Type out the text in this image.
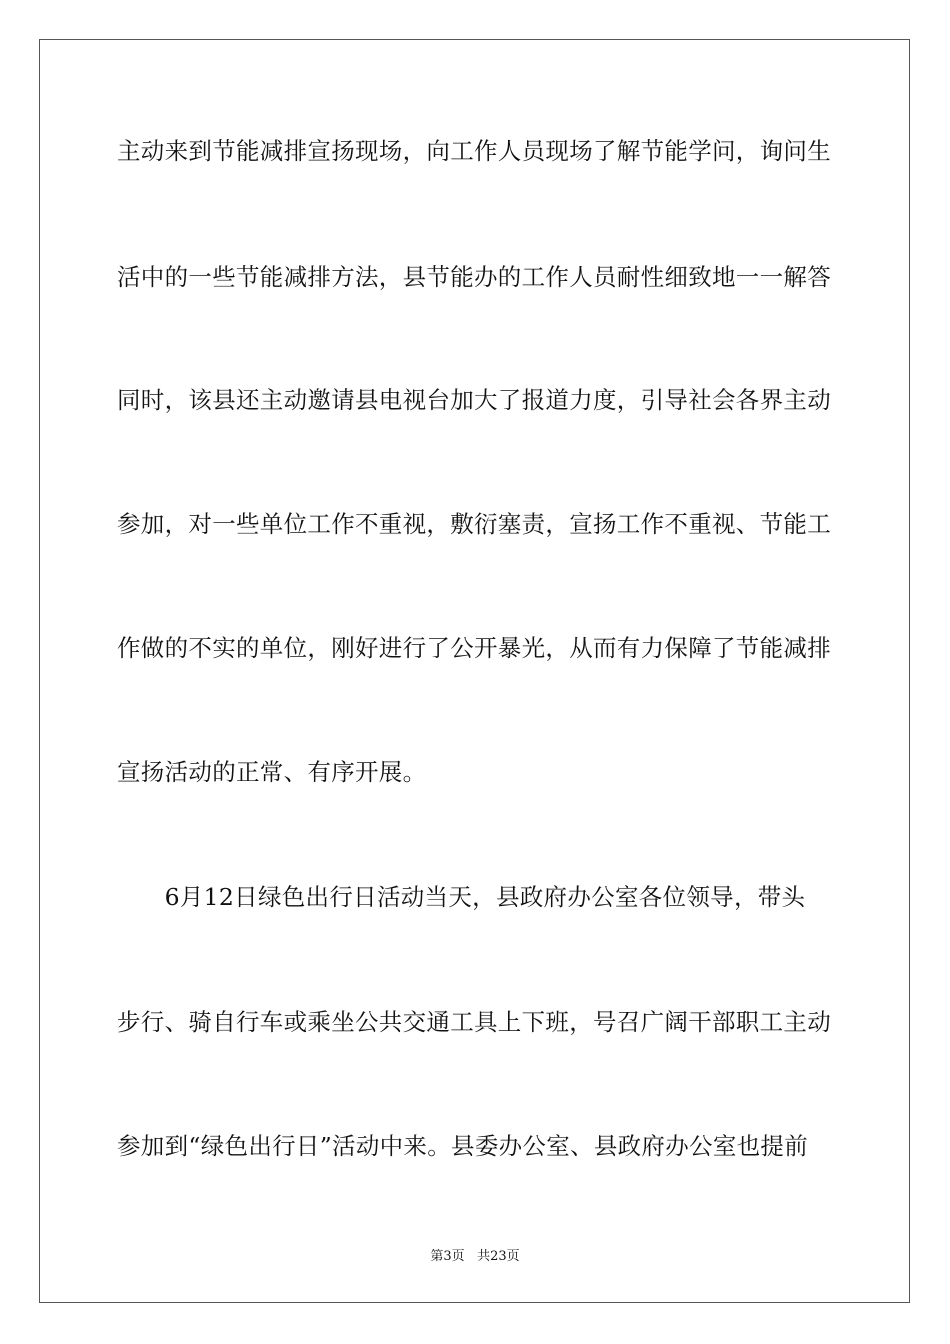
主动来到节能减排宣扬现场，向工作人员现场了解节能学问，询问生
活中的一些节能减排方法，县节能办的工作人员耐性细致地一一解答
同时，该县还主动邀请县电视台加大了报道力度，引导社会各界主动
参加，对一些单位工作不重视，敷衍塞责，宣扬工作不重视、节能工
作做的不实的单位，刚好进行了公开暴光，从而有力保障了节能减排
宣扬活动的正常、有序开展。
　　6月12日绿色出行日活动当天，县政府办公室各位领导，带头
步行、骑自行车或乘坐公共交通工具上下班，号召广阔干部职工主动
参加到“绿色出行日”活动中来。县委办公室、县政府办公室也提前
第3页 共23页
